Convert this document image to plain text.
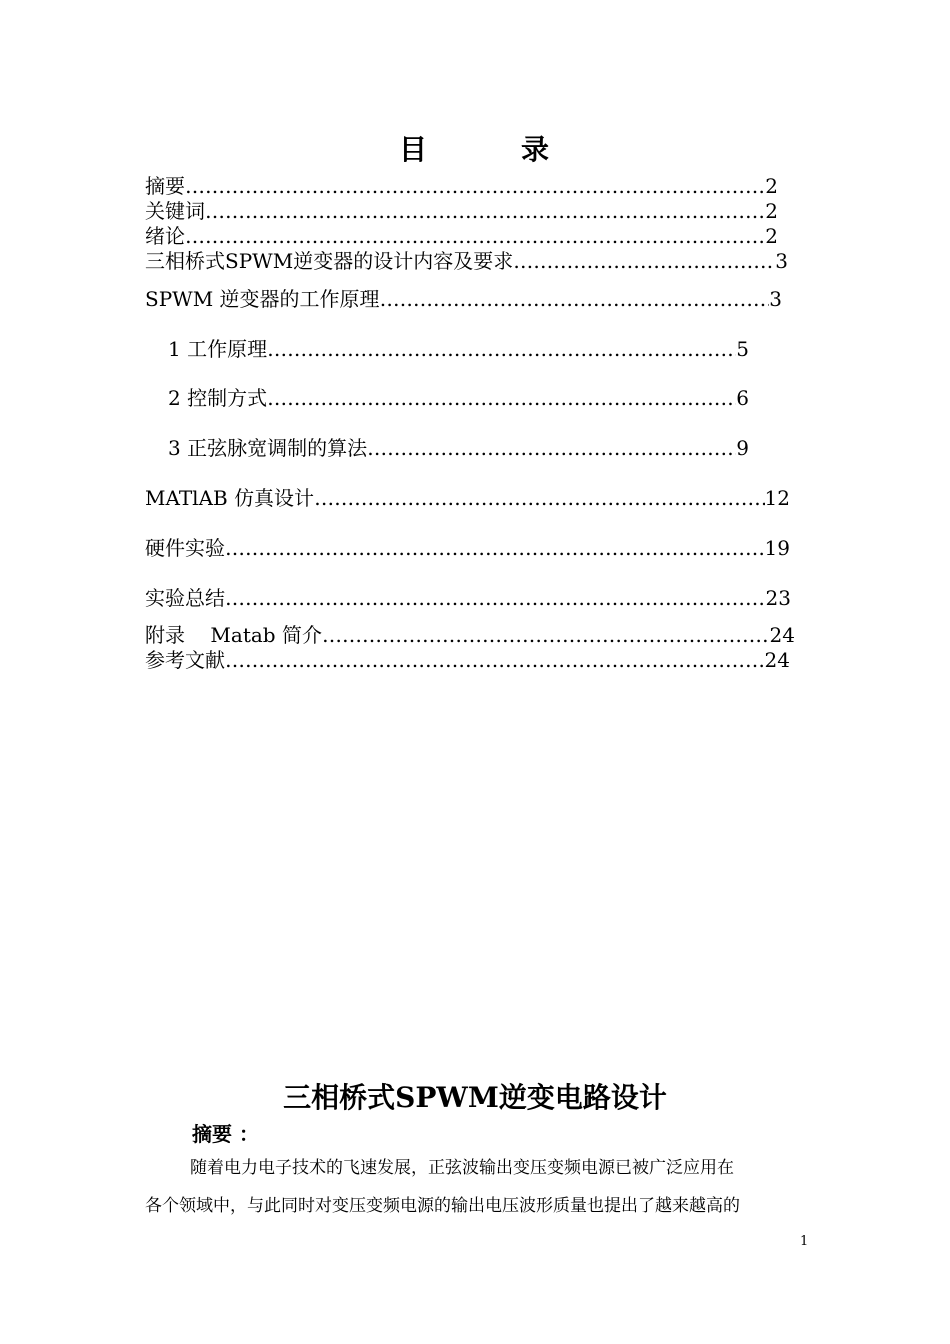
目	录
摘要 ………………………………………………………………………………………………………………………………………………………………………………	2
关键词 ………………………………………………………………………………………………………………………………………………………………………………	2
绪论 ………………………………………………………………………………………………………………………………………………………………………………	2
三相桥式SPWM逆变器的设计内容及要求 ………………………………………………………………………………………………………………………………………………………………………………	3
SPWM 逆变器的工作原理 ………………………………………………………………………………………………………………………………………………………………………………	3
1 工作原理 ………………………………………………………………………………………………………………………………………………………………………………	5
2 控制方式 ………………………………………………………………………………………………………………………………………………………………………………	6
3 正弦脉宽调制的算法 ………………………………………………………………………………………………………………………………………………………………………………	9
MATlAB 仿真设计 ………………………………………………………………………………………………………………………………………………………………………………	12
硬件实验 ………………………………………………………………………………………………………………………………………………………………………………	19
实验总结 ………………………………………………………………………………………………………………………………………………………………………………	23
附录    Matab 简介 ………………………………………………………………………………………………………………………………………………………………………………	24
参考文献 ………………………………………………………………………………………………………………………………………………………………………………	24
三相桥式SPWM逆变电路设计
摘要 ：
随着电力电子技术的飞速发展，正弦波输出变压变频电源已被广泛应用在
各个领域中，与此同时对变压变频电源的输出电压波形质量也提出了越来越高的
1
